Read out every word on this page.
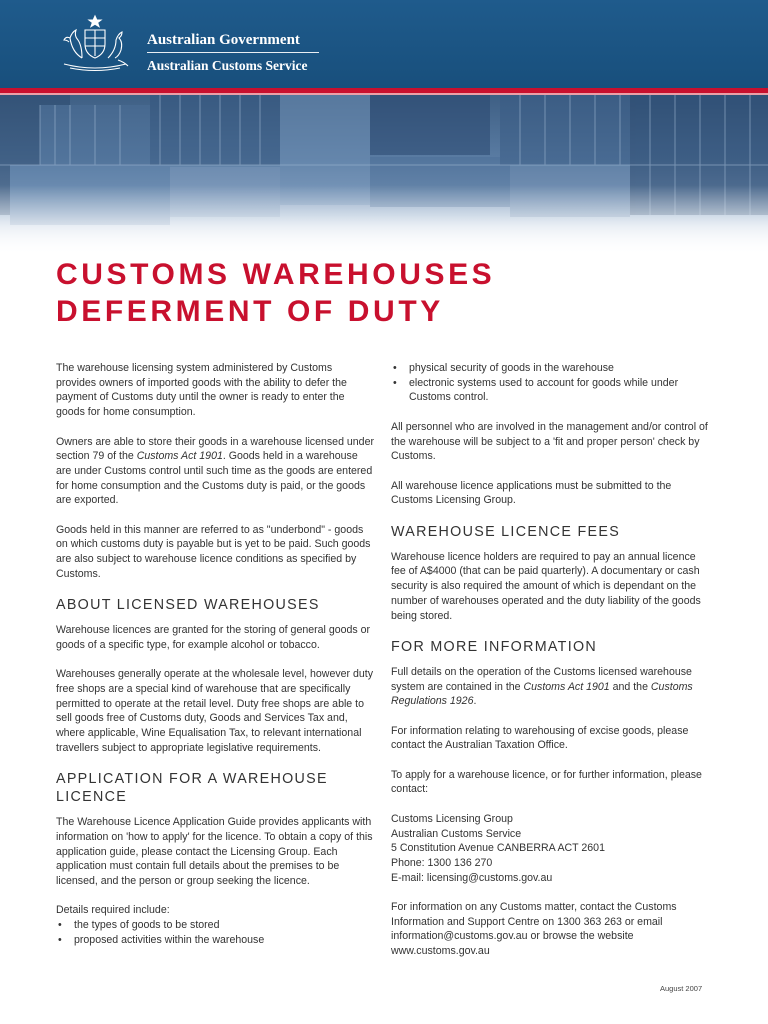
Australian Government
Australian Customs Service
CUSTOMS WAREHOUSES
DEFERMENT OF DUTY

The warehouse licensing system administered by Customs provides owners of imported goods with the ability to defer the payment of Customs duty until the owner is ready to enter the goods for home consumption.

Owners are able to store their goods in a warehouse licensed under section 79 of the Customs Act 1901. Goods held in a warehouse are under Customs control until such time as the goods are entered for home consumption and the Customs duty is paid, or the goods are exported.

Goods held in this manner are referred to as "underbond" - goods on which customs duty is payable but is yet to be paid. Such goods are also subject to warehouse licence conditions as specified by Customs.

ABOUT LICENSED WAREHOUSES

Warehouse licences are granted for the storing of general goods or goods of a specific type, for example alcohol or tobacco.

Warehouses generally operate at the wholesale level, however duty free shops are a special kind of warehouse that are specifically permitted to operate at the retail level. Duty free shops are able to sell goods free of Customs duty, Goods and Services Tax and, where applicable, Wine Equalisation Tax, to relevant international travellers subject to appropriate legislative requirements.

APPLICATION FOR A WAREHOUSE LICENCE

The Warehouse Licence Application Guide provides applicants with information on 'how to apply' for the licence. To obtain a copy of this application guide, please contact the Licensing Group. Each application must contain full details about the premises to be licensed, and the person or group seeking the licence.

Details required include:

• the types of goods to be stored
• proposed activities within the warehouse
• physical security of goods in the warehouse
• electronic systems used to account for goods while under Customs control.

All personnel who are involved in the management and/or control of the warehouse will be subject to a 'fit and proper person' check by Customs.

All warehouse licence applications must be submitted to the Customs Licensing Group.

WAREHOUSE LICENCE FEES

Warehouse licence holders are required to pay an annual licence fee of A$4000 (that can be paid quarterly). A documentary or cash security is also required the amount of which is dependant on the number of warehouses operated and the duty liability of the goods being stored.

FOR MORE INFORMATION

Full details on the operation of the Customs licensed warehouse system are contained in the Customs Act 1901 and the Customs Regulations 1926.

For information relating to warehousing of excise goods, please contact the Australian Taxation Office.

To apply for a warehouse licence, or for further information, please contact:

Customs Licensing Group
Australian Customs Service
5 Constitution Avenue CANBERRA ACT 2601
Phone: 1300 136 270
E-mail: licensing@customs.gov.au

For information on any Customs matter, contact the Customs Information and Support Centre on 1300 363 263 or email information@customs.gov.au or browse the website www.customs.gov.au

August 2007
